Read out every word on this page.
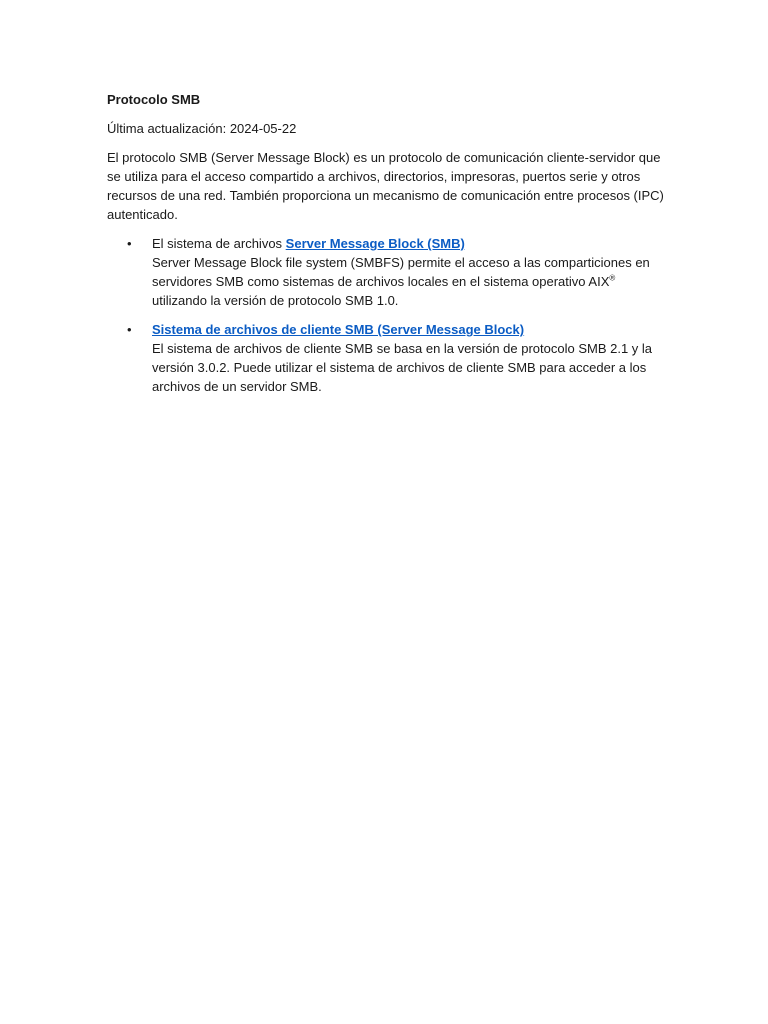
Protocolo SMB
Última actualización: 2024-05-22
El protocolo SMB (Server Message Block) es un protocolo de comunicación cliente-servidor que se utiliza para el acceso compartido a archivos, directorios, impresoras, puertos serie y otros recursos de una red. También proporciona un mecanismo de comunicación entre procesos (IPC) autenticado.
• El sistema de archivos Server Message Block (SMB)
Server Message Block file system (SMBFS) permite el acceso a las comparticiones en servidores SMB como sistemas de archivos locales en el sistema operativo AIX® utilizando la versión de protocolo SMB 1.0.
• Sistema de archivos de cliente SMB (Server Message Block)
El sistema de archivos de cliente SMB se basa en la versión de protocolo SMB 2.1 y la versión 3.0.2. Puede utilizar el sistema de archivos de cliente SMB para acceder a los archivos de un servidor SMB.
